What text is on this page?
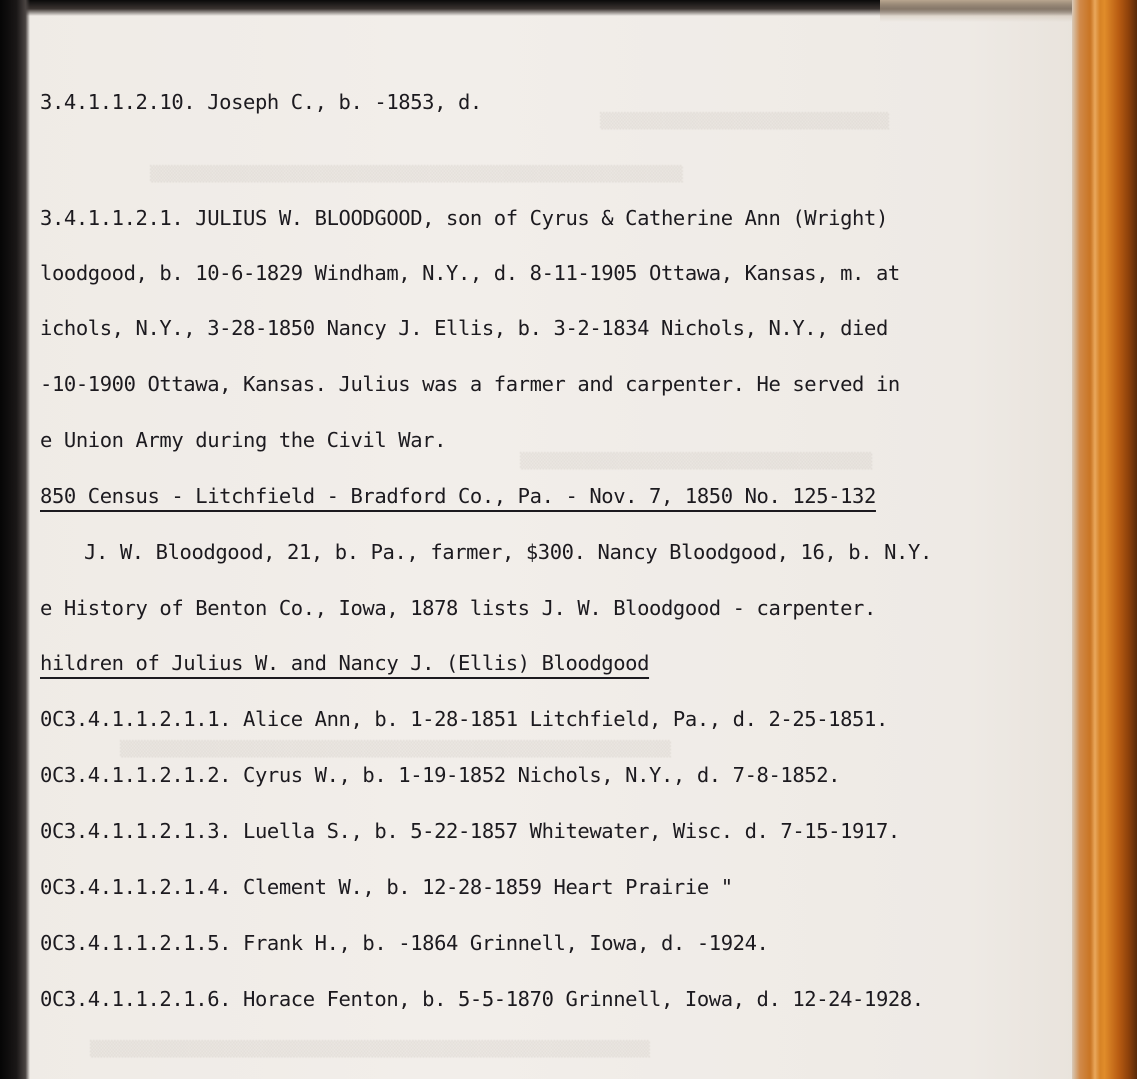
▒▒▒▒▒▒▒▒▒▒▒▒▒▒▒▒▒▒▒▒▒▒▒▒▒▒▒▒▒▒▒▒
▒▒▒▒▒▒▒▒▒▒▒▒▒▒▒▒▒▒▒▒▒▒▒▒▒▒▒▒▒▒▒▒▒▒▒▒▒▒▒▒▒▒▒▒▒▒▒▒▒▒▒▒▒▒▒▒▒▒▒
▒▒▒▒▒▒▒▒▒▒▒▒▒▒▒▒▒▒▒▒▒▒▒▒▒▒▒▒▒▒▒▒▒▒▒▒▒▒▒
▒▒▒▒▒▒▒▒▒▒▒▒▒▒▒▒▒▒▒▒▒▒▒▒▒▒▒▒▒▒▒▒▒▒▒▒▒▒▒▒▒▒▒▒▒▒▒▒▒▒▒▒▒▒▒▒▒▒▒▒▒
▒▒▒▒▒▒▒▒▒▒▒▒▒▒▒▒▒▒▒▒▒▒▒▒▒▒▒▒▒▒▒▒▒▒▒▒▒▒▒▒▒▒▒▒▒▒▒▒▒▒▒▒▒▒▒▒▒▒▒▒▒▒
3.4.1.1.2.10. Joseph C., b. -1853, d.
3.4.1.1.2.1. JULIUS W. BLOODGOOD, son of Cyrus & Catherine Ann (Wright)
loodgood, b. 10-6-1829 Windham, N.Y., d. 8-11-1905 Ottawa, Kansas, m. at
ichols, N.Y., 3-28-1850 Nancy J. Ellis, b. 3-2-1834 Nichols, N.Y., died
-10-1900 Ottawa, Kansas. Julius was a farmer and carpenter. He served in
e Union Army during the Civil War.
850 Census - Litchfield - Bradford Co., Pa. - Nov. 7, 1850 No. 125-132
J. W. Bloodgood, 21, b. Pa., farmer, $300. Nancy Bloodgood, 16, b. N.Y.
e History of Benton Co., Iowa, 1878 lists J. W. Bloodgood - carpenter.
hildren of Julius W. and Nancy J. (Ellis) Bloodgood
0C3.4.1.1.2.1.1. Alice Ann, b. 1-28-1851 Litchfield, Pa., d. 2-25-1851.
0C3.4.1.1.2.1.2. Cyrus W., b. 1-19-1852 Nichols, N.Y., d. 7-8-1852.
0C3.4.1.1.2.1.3. Luella S., b. 5-22-1857 Whitewater, Wisc. d. 7-15-1917.
0C3.4.1.1.2.1.4. Clement W., b. 12-28-1859 Heart Prairie "
0C3.4.1.1.2.1.5. Frank H., b. -1864 Grinnell, Iowa, d. -1924.
0C3.4.1.1.2.1.6. Horace Fenton, b. 5-5-1870 Grinnell, Iowa, d. 12-24-1928.
